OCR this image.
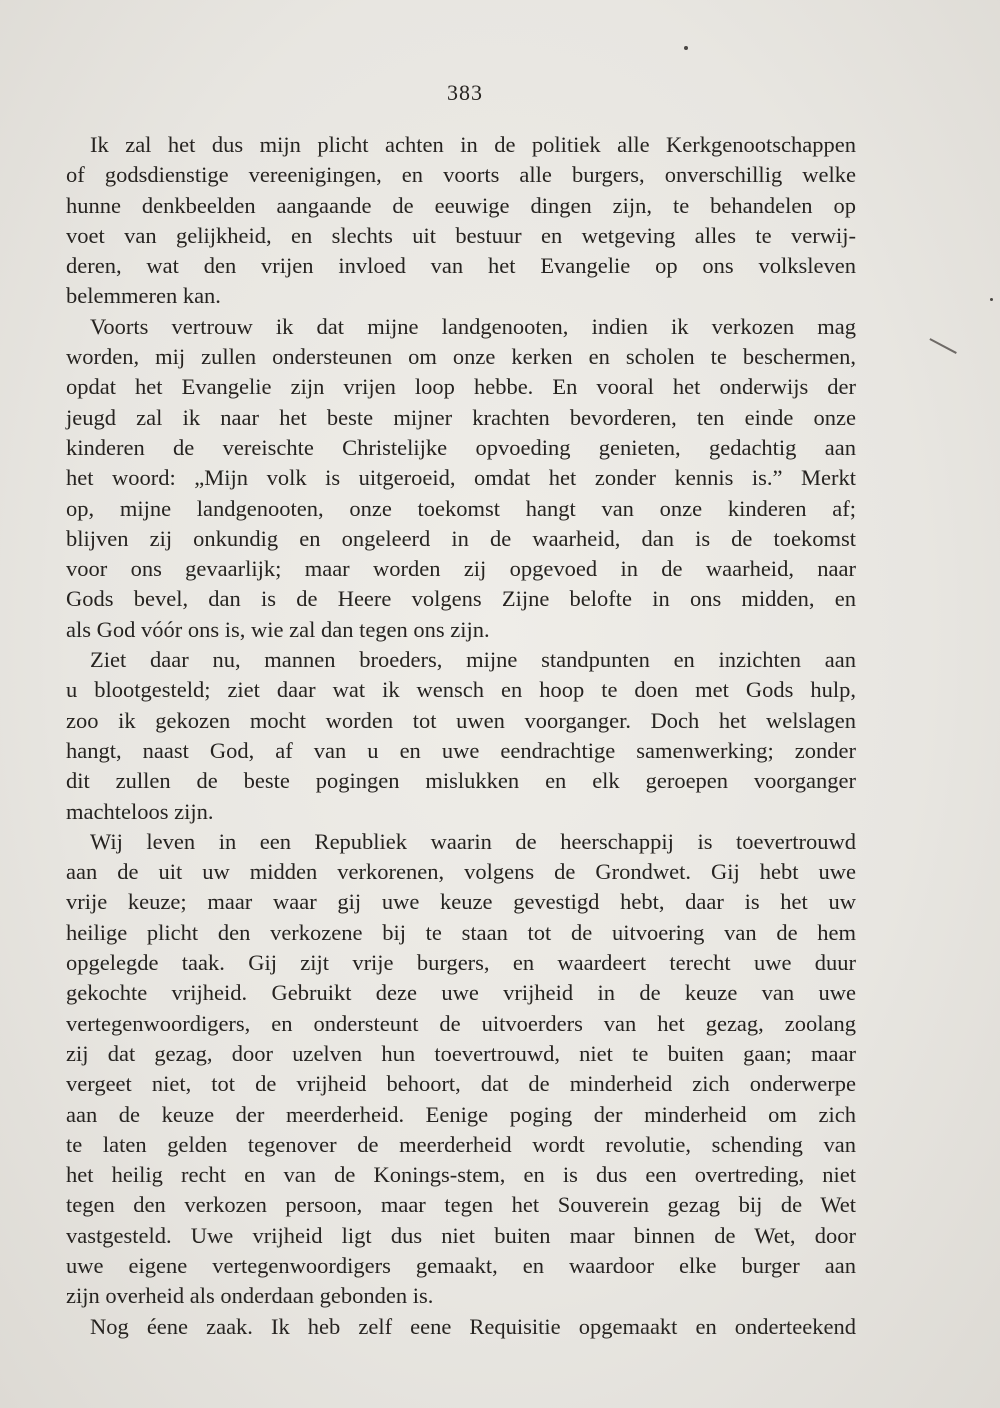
383

Ik zal het dus mijn plicht achten in de politiek alle Kerkgenootschappen

of godsdienstige vereenigingen, en voorts alle burgers, onverschillig welke

hunne denkbeelden aangaande de eeuwige dingen zijn, te behandelen op

voet van gelijkheid, en slechts uit bestuur en wetgeving alles te verwij-

deren, wat den vrijen invloed van het Evangelie op ons volksleven

belemmeren kan.

Voorts vertrouw ik dat mijne landgenooten, indien ik verkozen mag

worden, mij zullen ondersteunen om onze kerken en scholen te beschermen,

opdat het Evangelie zijn vrijen loop hebbe. En vooral het onderwijs der

jeugd zal ik naar het beste mijner krachten bevorderen, ten einde onze

kinderen de vereischte Christelijke opvoeding genieten, gedachtig aan

het woord: „Mijn volk is uitgeroeid, omdat het zonder kennis is.” Merkt

op, mijne landgenooten, onze toekomst hangt van onze kinderen af;

blijven zij onkundig en ongeleerd in de waarheid, dan is de toekomst

voor ons gevaarlijk; maar worden zij opgevoed in de waarheid, naar

Gods bevel, dan is de Heere volgens Zijne belofte in ons midden, en

als God vóór ons is, wie zal dan tegen ons zijn.

Ziet daar nu, mannen broeders, mijne standpunten en inzichten aan

u blootgesteld; ziet daar wat ik wensch en hoop te doen met Gods hulp,

zoo ik gekozen mocht worden tot uwen voorganger. Doch het welslagen

hangt, naast God, af van u en uwe eendrachtige samenwerking; zonder

dit zullen de beste pogingen mislukken en elk geroepen voorganger

machteloos zijn.

Wij leven in een Republiek waarin de heerschappij is toevertrouwd

aan de uit uw midden verkorenen, volgens de Grondwet. Gij hebt uwe

vrije keuze; maar waar gij uwe keuze gevestigd hebt, daar is het uw

heilige plicht den verkozene bij te staan tot de uitvoering van de hem

opgelegde taak. Gij zijt vrije burgers, en waardeert terecht uwe duur

gekochte vrijheid. Gebruikt deze uwe vrijheid in de keuze van uwe

vertegenwoordigers, en ondersteunt de uitvoerders van het gezag, zoolang

zij dat gezag, door uzelven hun toevertrouwd, niet te buiten gaan; maar

vergeet niet, tot de vrijheid behoort, dat de minderheid zich onderwerpe

aan de keuze der meerderheid. Eenige poging der minderheid om zich

te laten gelden tegenover de meerderheid wordt revolutie, schending van

het heilig recht en van de Konings-stem, en is dus een overtreding, niet

tegen den verkozen persoon, maar tegen het Souverein gezag bij de Wet

vastgesteld. Uwe vrijheid ligt dus niet buiten maar binnen de Wet, door

uwe eigene vertegenwoordigers gemaakt, en waardoor elke burger aan

zijn overheid als onderdaan gebonden is.

Nog éene zaak. Ik heb zelf eene Requisitie opgemaakt en onderteekend
